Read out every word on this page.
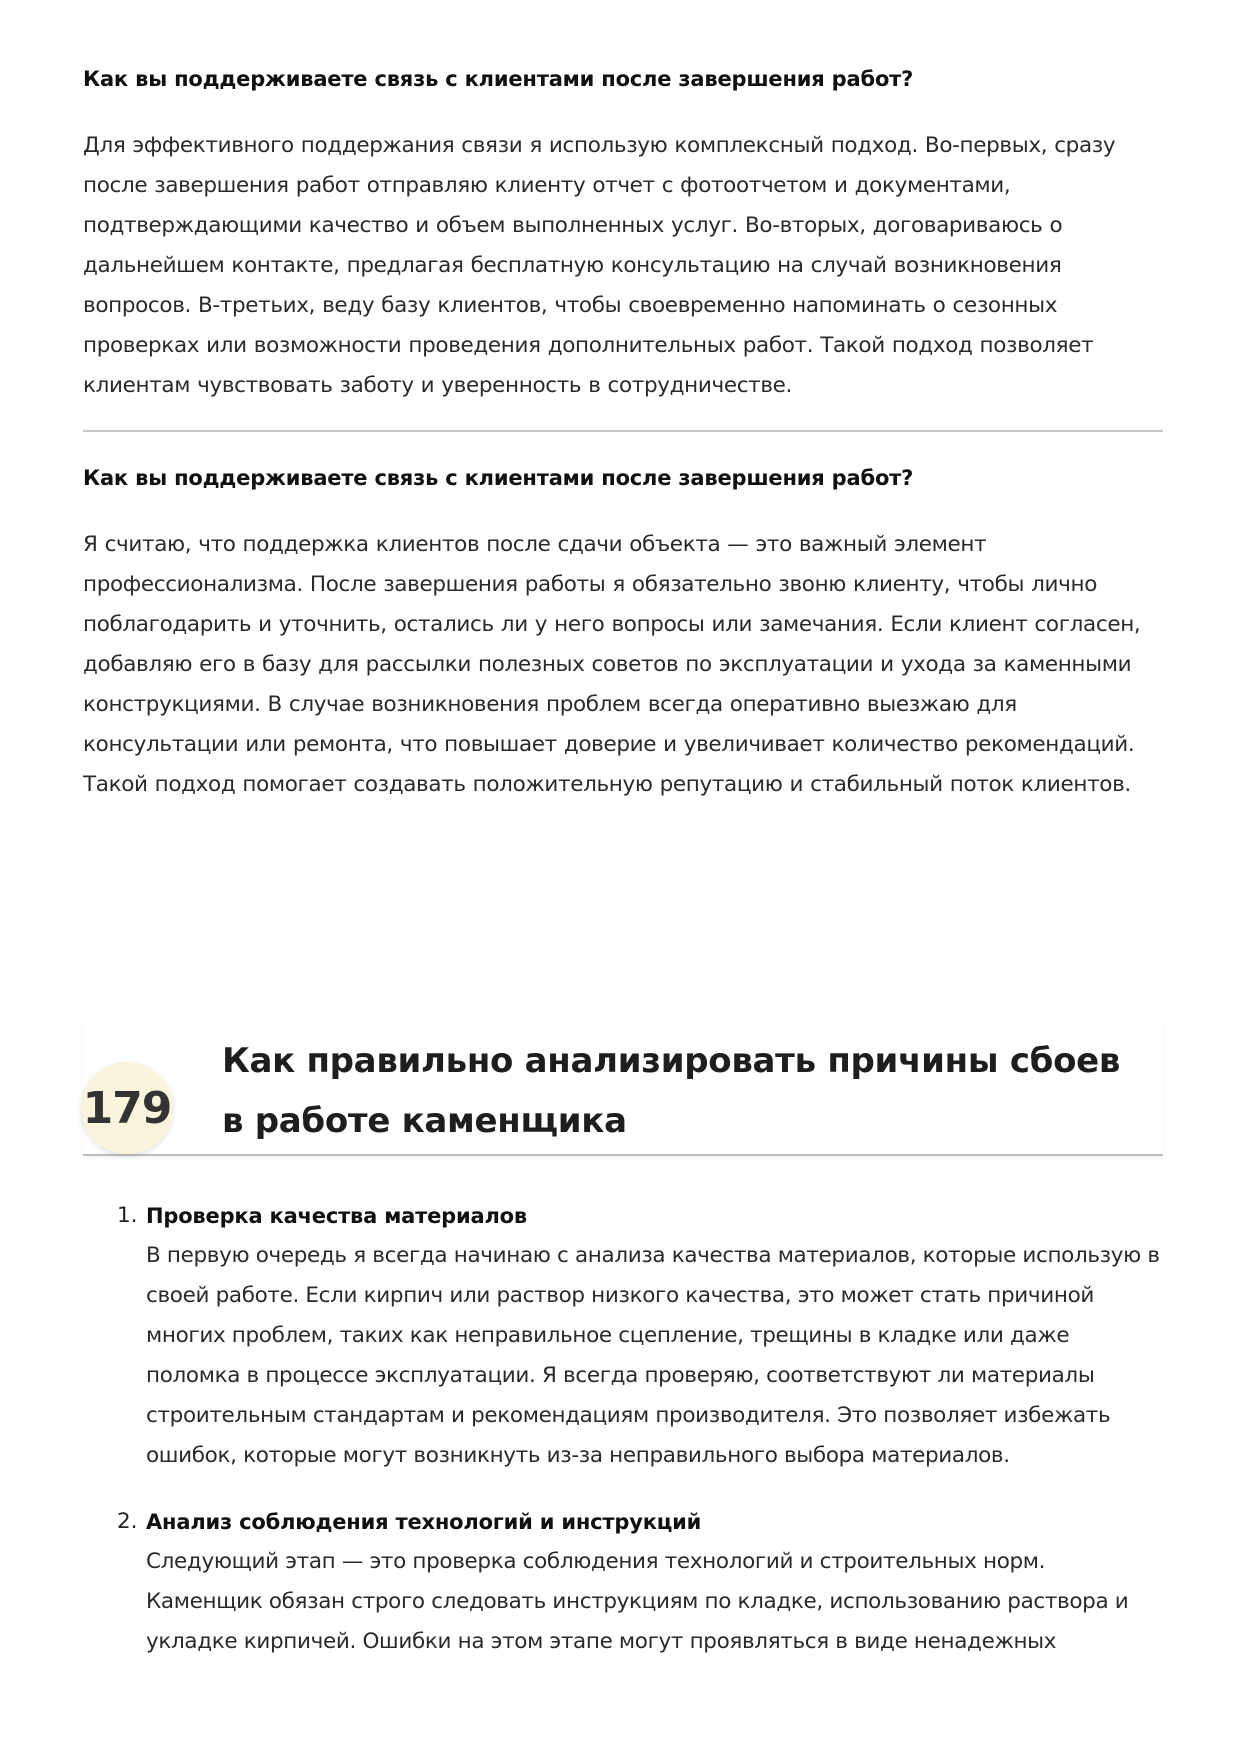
Как вы поддерживаете связь с клиентами после завершения работ?

Для эффективного поддержания связи я использую комплексный подход. Во-первых, сразу после завершения работ отправляю клиенту отчет с фотоотчетом и документами, подтверждающими качество и объем выполненных услуг. Во-вторых, договариваюсь о дальнейшем контакте, предлагая бесплатную консультацию на случай возникновения вопросов. В-третьих, веду базу клиентов, чтобы своевременно напоминать о сезонных проверках или возможности проведения дополнительных работ. Такой подход позволяет клиентам чувствовать заботу и уверенность в сотрудничестве.

Как вы поддерживаете связь с клиентами после завершения работ?

Я считаю, что поддержка клиентов после сдачи объекта — это важный элемент профессионализма. После завершения работы я обязательно звоню клиенту, чтобы лично поблагодарить и уточнить, остались ли у него вопросы или замечания. Если клиент согласен, добавляю его в базу для рассылки полезных советов по эксплуатации и ухода за каменными конструкциями. В случае возникновения проблем всегда оперативно выезжаю для консультации или ремонта, что повышает доверие и увеличивает количество рекомендаций. Такой подход помогает создавать положительную репутацию и стабильный поток клиентов.

179
Как правильно анализировать причины сбоев в работе каменщика
1. Проверка качества материалов

В первую очередь я всегда начинаю с анализа качества материалов, которые использую в своей работе. Если кирпич или раствор низкого качества, это может стать причиной многих проблем, таких как неправильное сцепление, трещины в кладке или даже поломка в процессе эксплуатации. Я всегда проверяю, соответствуют ли материалы строительным стандартам и рекомендациям производителя. Это позволяет избежать ошибок, которые могут возникнуть из-за неправильного выбора материалов.

2. Анализ соблюдения технологий и инструкций

Следующий этап — это проверка соблюдения технологий и строительных норм. Каменщик обязан строго следовать инструкциям по кладке, использованию раствора и укладке кирпичей. Ошибки на этом этапе могут проявляться в виде ненадежных
